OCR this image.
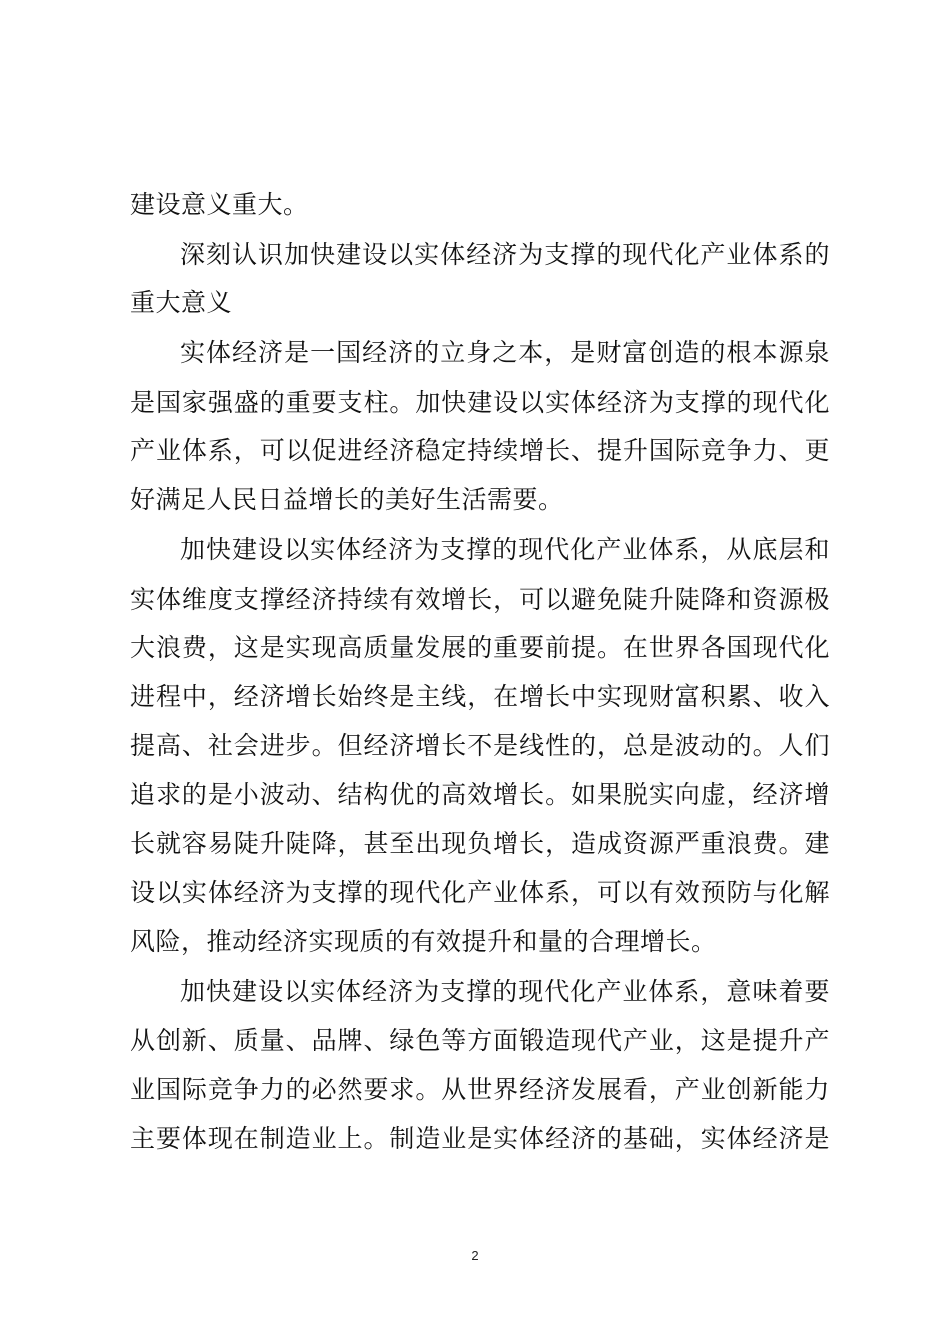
建设意义重大。
深刻认识加快建设以实体经济为支撑的现代化产业体系的
重大意义
实体经济是一国经济的立身之本，是财富创造的根本源泉
是国家强盛的重要支柱。加快建设以实体经济为支撑的现代化
产业体系，可以促进经济稳定持续增长、提升国际竞争力、更
好满足人民日益增长的美好生活需要。
加快建设以实体经济为支撑的现代化产业体系，从底层和
实体维度支撑经济持续有效增长，可以避免陡升陡降和资源极
大浪费，这是实现高质量发展的重要前提。在世界各国现代化
进程中，经济增长始终是主线，在增长中实现财富积累、收入
提高、社会进步。但经济增长不是线性的，总是波动的。人们
追求的是小波动、结构优的高效增长。如果脱实向虚，经济增
长就容易陡升陡降，甚至出现负增长，造成资源严重浪费。建
设以实体经济为支撑的现代化产业体系，可以有效预防与化解
风险，推动经济实现质的有效提升和量的合理增长。
加快建设以实体经济为支撑的现代化产业体系，意味着要
从创新、质量、品牌、绿色等方面锻造现代产业，这是提升产
业国际竞争力的必然要求。从世界经济发展看，产业创新能力
主要体现在制造业上。制造业是实体经济的基础，实体经济是
2
